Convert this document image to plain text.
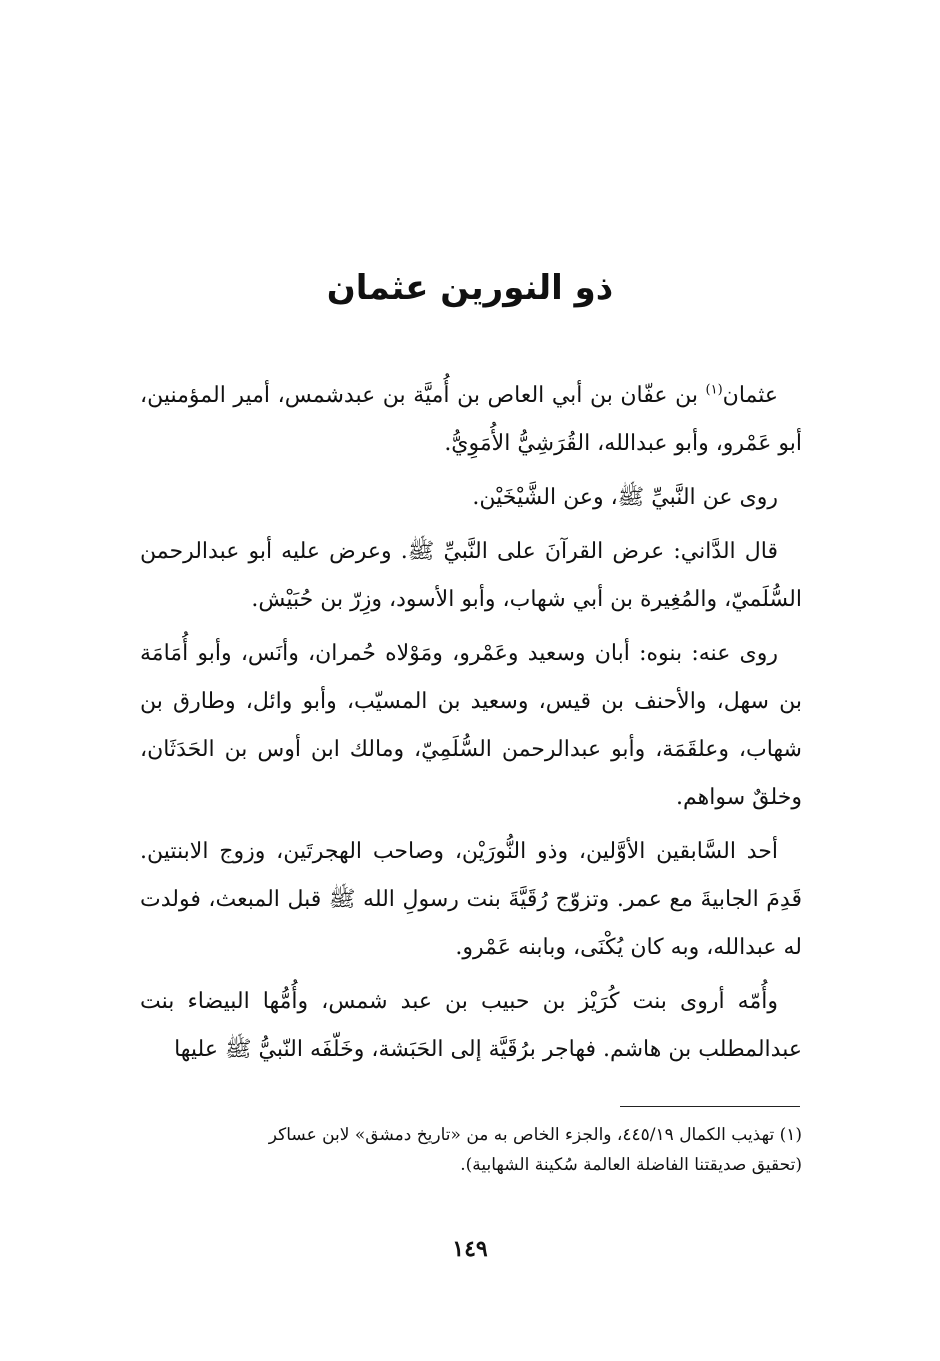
ذو النورين عثمان

عثمان$^{(١)}$ بن عفّان بن أبي العاص بن أُميَّة بن عبدشمس، أمير المؤمنين، أبو عَمْرو، وأبو عبدالله، القُرَشِيُّ الأُمَوِيُّ.

روى عن النَّبيِّ ﷺ، وعن الشَّيْخَيْن.

قال الدَّاني: عرض القرآنَ على النَّبيِّ ﷺ. وعرض عليه أبو عبدالرحمن السُّلَميّ، والمُغِيرة بن أبي شهاب، وأبو الأسود، وزِرّ بن حُبَيْش.

روى عنه: بنوه: أبان وسعيد وعَمْرو، ومَوْلاه حُمران، وأنَس، وأبو أُمَامَة بن سهل، والأحنف بن قيس، وسعيد بن المسيّب، وأبو وائل، وطارق بن شهاب، وعلقَمَة، وأبو عبدالرحمن السُّلَمِيّ، ومالك ابن أوس بن الحَدَثَان، وخلقٌ سواهم.

أحد السَّابقين الأوَّلين، وذو النُّورَيْن، وصاحب الهجرتَين، وزوج الابنتين. قَدِمَ الجابيةَ مع عمر. وتزوّج رُقَيَّةَ بنت رسولِ الله ﷺ قبل المبعث، فولدت له عبدالله، وبه كان يُكْنَى، وبابنه عَمْرو.

وأُمّه أروى بنت كُرَيْز بن حبيب بن عبد شمس، وأُمُّها البيضاء بنت عبدالمطلب بن هاشم. فهاجر برُقَيَّة إلى الحَبَشة، وخَلّفَه النّبيُّ ﷺ عليها

(١) تهذيب الكمال ٤٤٥/١٩، والجزء الخاص به من «تاريخ دمشق» لابن عساكر

(تحقيق صديقتنا الفاضلة العالمة سُكينة الشهابية).

١٤٩
